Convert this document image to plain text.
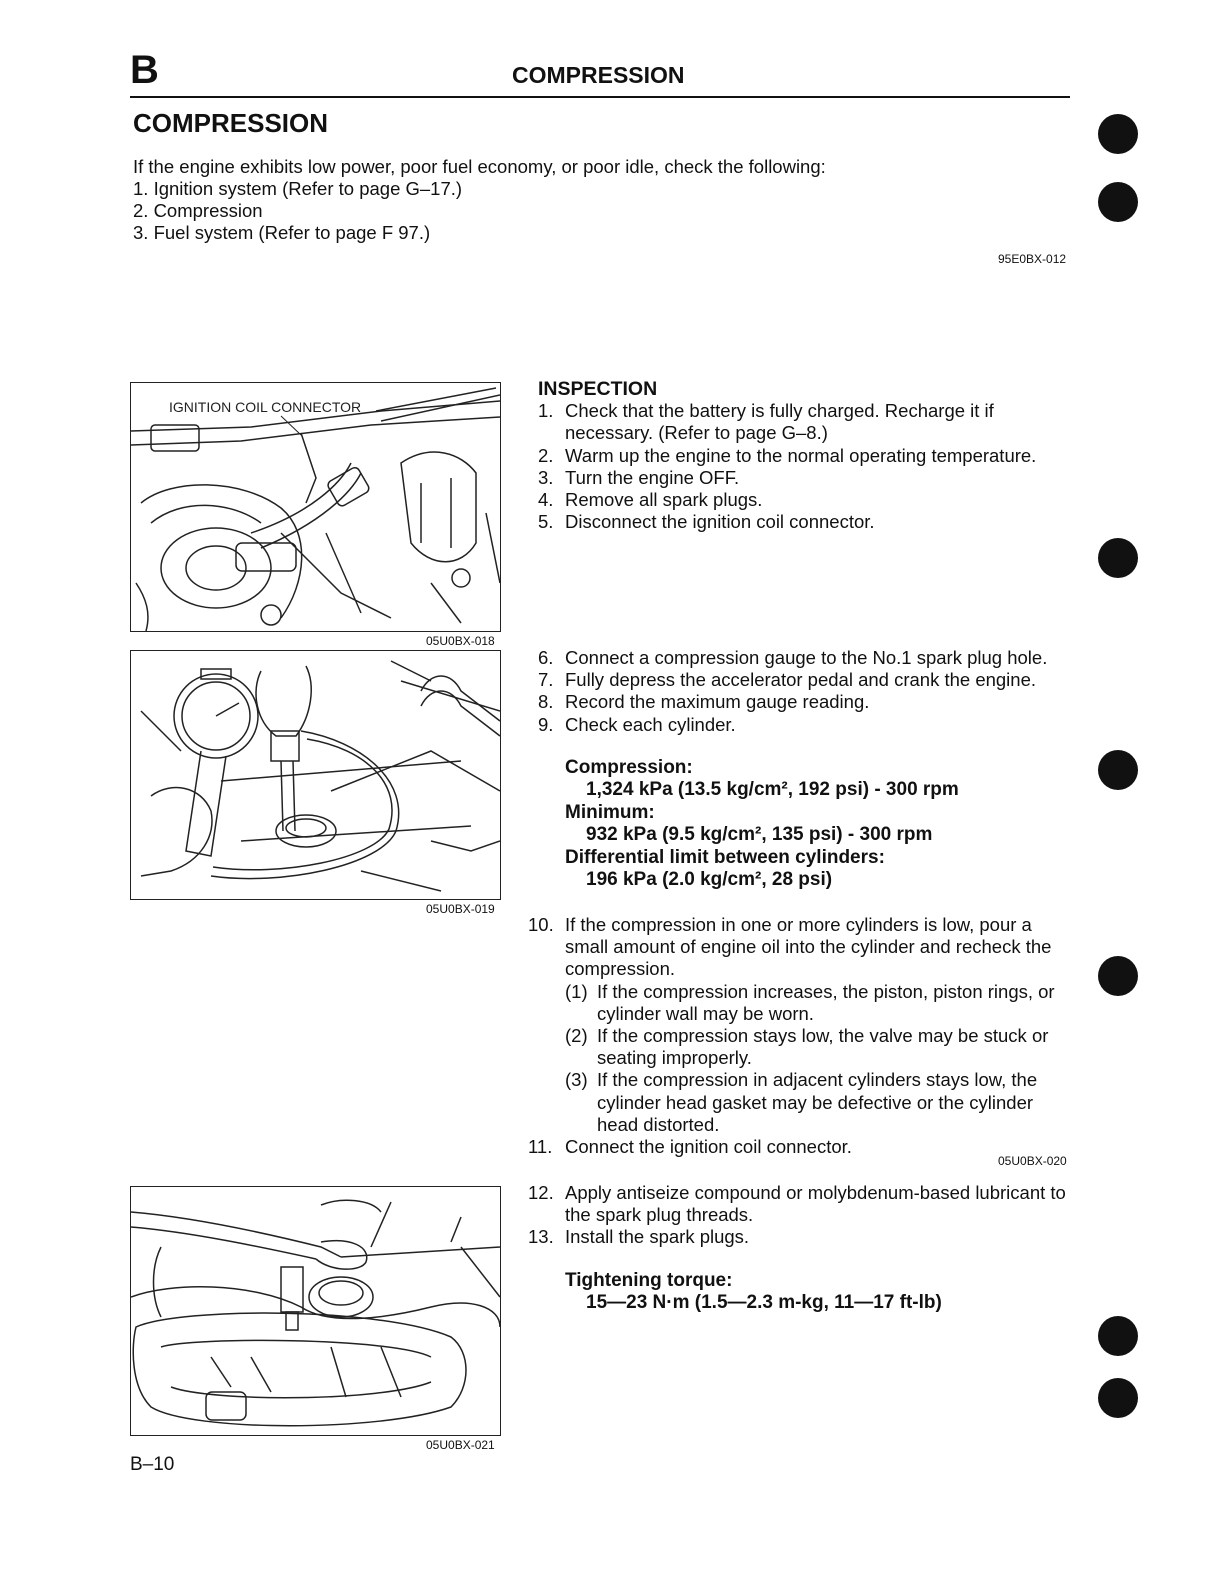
B	COMPRESSION
COMPRESSION
If the engine exhibits low power, poor fuel economy, or poor idle, check the following:
1. Ignition system (Refer to page G–17.)
2. Compression
3. Fuel system (Refer to page F 97.)
95E0BX-012
IGNITION COIL CONNECTOR
05U0BX-018
05U0BX-019
05U0BX-021
INSPECTION
1. Check that the battery is fully charged. Recharge it if necessary. (Refer to page G–8.)
2. Warm up the engine to the normal operating temperature.
3. Turn the engine OFF.
4. Remove all spark plugs.
5. Disconnect the ignition coil connector.
6. Connect a compression gauge to the No.1 spark plug hole.
7. Fully depress the accelerator pedal and crank the engine.
8. Record the maximum gauge reading.
9. Check each cylinder.
Compression:
1,324 kPa (13.5 kg/cm², 192 psi) - 300 rpm
Minimum:
932 kPa (9.5 kg/cm², 135 psi) - 300 rpm
Differential limit between cylinders:
196 kPa (2.0 kg/cm², 28 psi)
10. If the compression in one or more cylinders is low, pour a small amount of engine oil into the cylinder and recheck the compression.
(1) If the compression increases, the piston, piston rings, or cylinder wall may be worn.
(2) If the compression stays low, the valve may be stuck or seating improperly.
(3) If the compression in adjacent cylinders stays low, the cylinder head gasket may be defective or the cylinder head distorted.
11. Connect the ignition coil connector.
05U0BX-020
12. Apply antiseize compound or molybdenum-based lubricant to the spark plug threads.
13. Install the spark plugs.
Tightening torque:
15—23 N·m (1.5—2.3 m-kg, 11—17 ft-lb)
B–10
